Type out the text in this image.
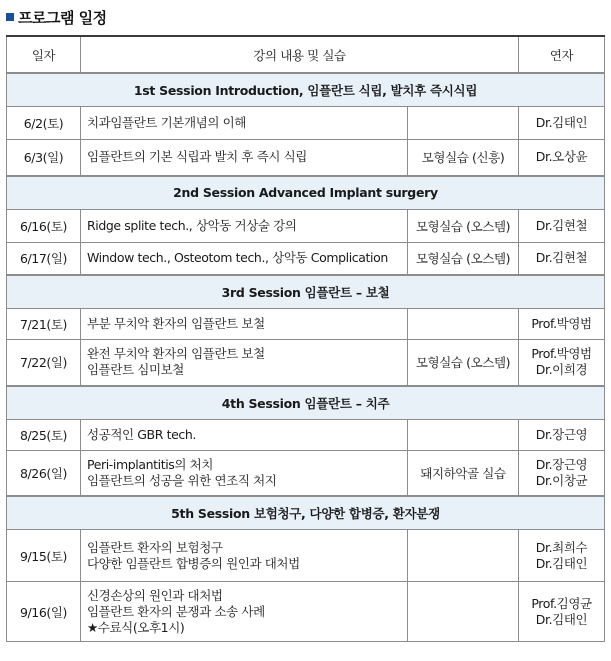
프로그램 일정
일자	강의 내용 및 실습		연자
1st Session Introduction, 임플란트 식립, 발치후 즉시식립			
6/2(토)	치과임플란트 기본개념의 이해		Dr.김태인

6/3(일)	임플란트의 기본 식립과 발치 후 즉시 식립	모형실습 (신흥)	Dr.오상윤

2nd Session Advanced Implant surgery			
6/16(토)	Ridge splite tech., 상악동 거상술 강의	모형실습 (오스템)	Dr.김현철

6/17(일)	Window tech., Osteotom tech., 상악동 Complication	모형실습 (오스템)	Dr.김현철

3rd Session 임플란트 – 보철			
7/21(토)	부분 무치악 환자의 임플란트 보철		Prof.박영범

7/22(일)	완전 무치악 환자의 임플란트 보철
임플란트 심미보철	모형실습 (오스템)	Prof.박영범
Dr.이희경

4th Session 임플란트 – 치주			
8/25(토)	성공적인 GBR tech.		Dr.장근영

8/26(일)	Peri-implantitis의 처치
임플란트의 성공을 위한 연조직 처지	돼지하악골 실습	Dr.장근영
Dr.이창균

5th Session 보험청구, 다양한 합병증, 환자분쟁			
9/15(토)	임플란트 환자의 보험청구
다양한 임플란트 합병증의 원인과 대처법		Dr.최희수
Dr.김태인

9/16(일)	신경손상의 원인과 대처법
임플란트 환자의 분쟁과 소송 사례
★수료식(오후1시)		Prof.김영균
Dr.김태인
